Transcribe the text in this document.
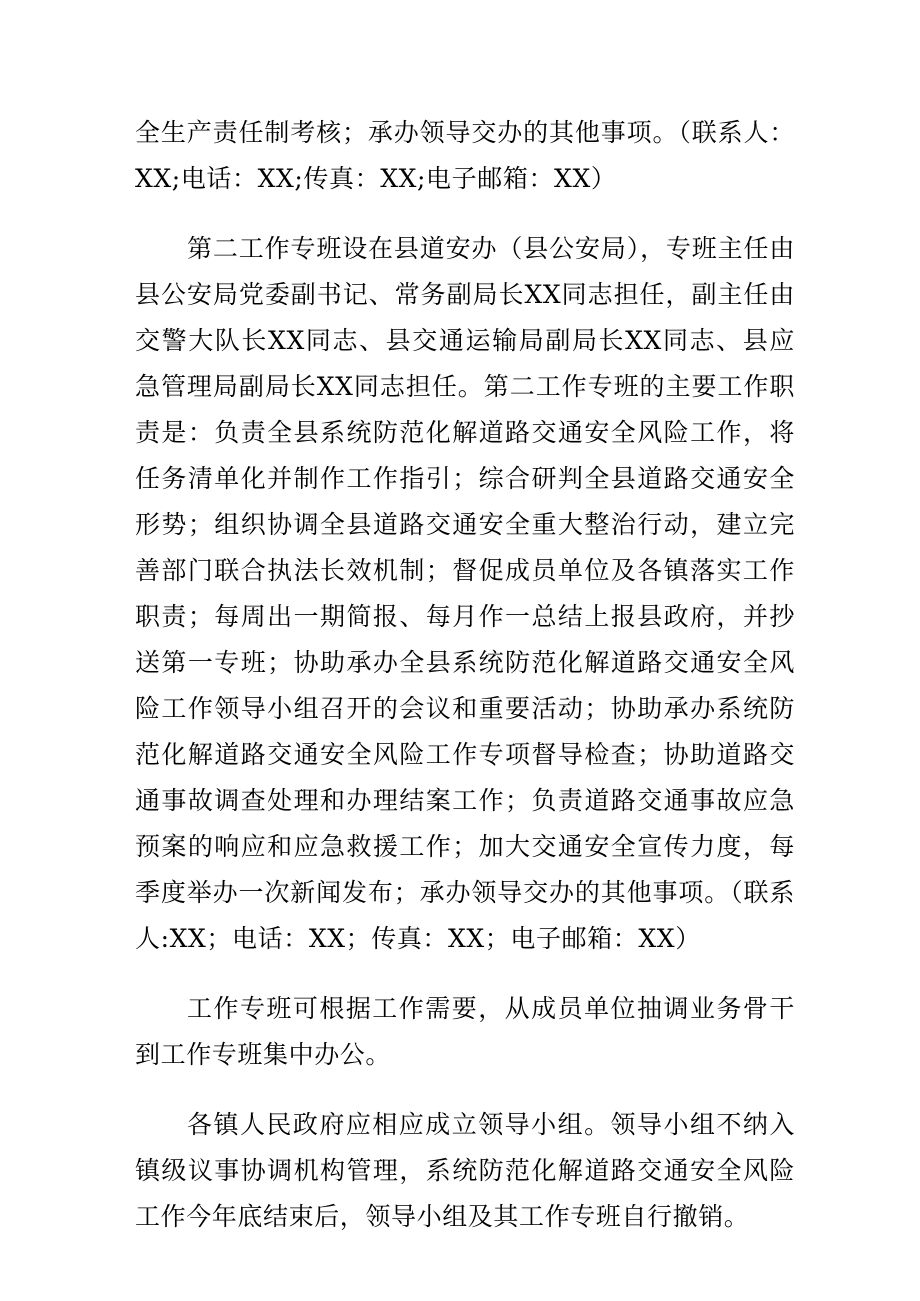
全生产责任制考核；承办领导交办的其他事项。（联系人：XX;电话：XX;传真：XX;电子邮箱：XX）

第二工作专班设在县道安办（县公安局），专班主任由县公安局党委副书记、常务副局长XX同志担任，副主任由交警大队长XX同志、县交通运输局副局长XX同志、县应急管理局副局长XX同志担任。第二工作专班的主要工作职责是：负责全县系统防范化解道路交通安全风险工作，将任务清单化并制作工作指引；综合研判全县道路交通安全形势；组织协调全县道路交通安全重大整治行动，建立完善部门联合执法长效机制；督促成员单位及各镇落实工作职责；每周出一期简报、每月作一总结上报县政府，并抄送第一专班；协助承办全县系统防范化解道路交通安全风险工作领导小组召开的会议和重要活动；协助承办系统防范化解道路交通安全风险工作专项督导检查；协助道路交通事故调查处理和办理结案工作；负责道路交通事故应急预案的响应和应急救援工作；加大交通安全宣传力度，每季度举办一次新闻发布；承办领导交办的其他事项。（联系人:XX；电话：XX；传真：XX；电子邮箱：XX）

工作专班可根据工作需要，从成员单位抽调业务骨干到工作专班集中办公。

各镇人民政府应相应成立领导小组。领导小组不纳入镇级议事协调机构管理，系统防范化解道路交通安全风险工作今年底结束后，领导小组及其工作专班自行撤销。
